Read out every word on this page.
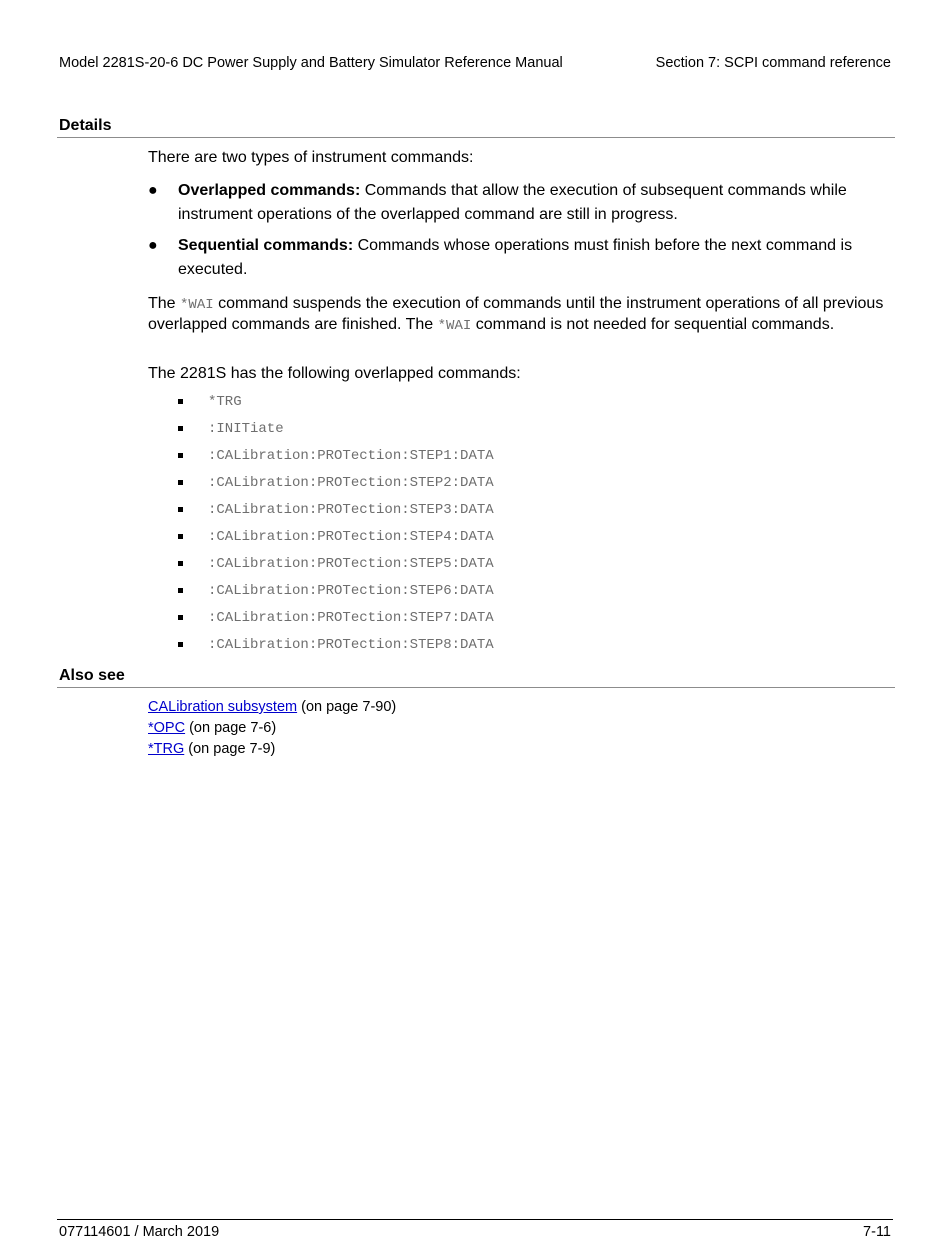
Model 2281S-20-6 DC Power Supply and Battery Simulator Reference Manual	Section 7: SCPI command reference
Details
There are two types of instrument commands:
●	Overlapped commands: Commands that allow the execution of subsequent commands while instrument operations of the overlapped command are still in progress.
●	Sequential commands: Commands whose operations must finish before the next command is executed.
The *WAI command suspends the execution of commands until the instrument operations of all previous overlapped commands are finished. The *WAI command is not needed for sequential commands.
The 2281S has the following overlapped commands:
*TRG
:INITiate
:CALibration:PROTection:STEP1:DATA
:CALibration:PROTection:STEP2:DATA
:CALibration:PROTection:STEP3:DATA
:CALibration:PROTection:STEP4:DATA
:CALibration:PROTection:STEP5:DATA
:CALibration:PROTection:STEP6:DATA
:CALibration:PROTection:STEP7:DATA
:CALibration:PROTection:STEP8:DATA
Also see
CALibration subsystem (on page 7-90)
*OPC (on page 7-6)
*TRG (on page 7-9)
077114601 / March 2019	7-11
